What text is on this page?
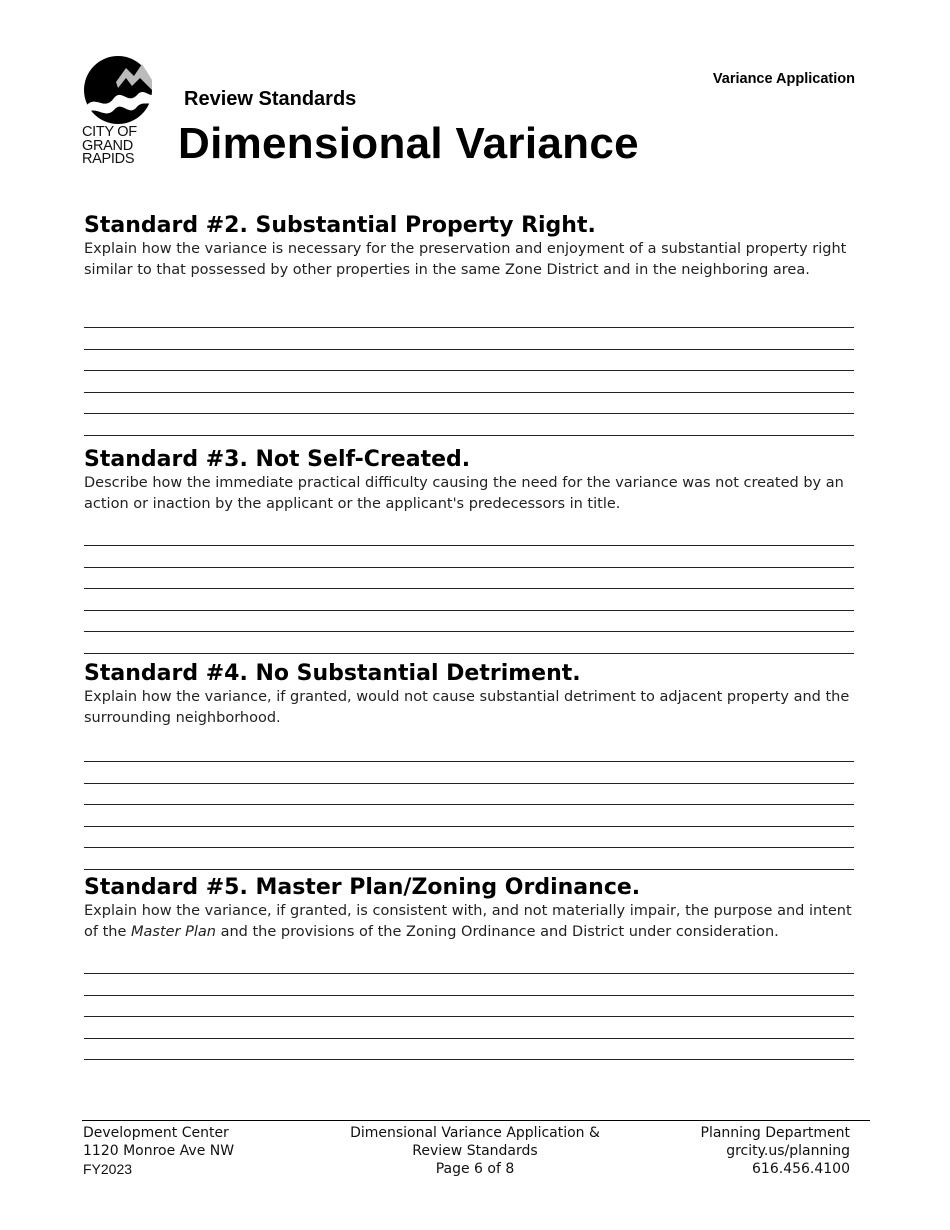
CITY OF
GRAND
RAPIDS
Variance Application
Review Standards
Dimensional Variance
Standard #2. Substantial Property Right.
Explain how the variance is necessary for the preservation and enjoyment of a substantial property right similar to that possessed by other properties in the same Zone District and in the neighboring area.
Standard #3. Not Self-Created.
Describe how the immediate practical difficulty causing the need for the variance was not created by an action or inaction by the applicant or the applicant's predecessors in title.
Standard #4. No Substantial Detriment.
Explain how the variance, if granted, would not cause substantial detriment to adjacent property and the surrounding neighborhood.
Standard #5. Master Plan/Zoning Ordinance.
Explain how the variance, if granted, is consistent with, and not materially impair, the purpose and intent of the Master Plan and the provisions of the Zoning Ordinance and District under consideration.
Development Center
1120 Monroe Ave NW
FY2023
Dimensional Variance Application &
Review Standards
Page 6 of 8
Planning Department
grcity.us/planning
616.456.4100
